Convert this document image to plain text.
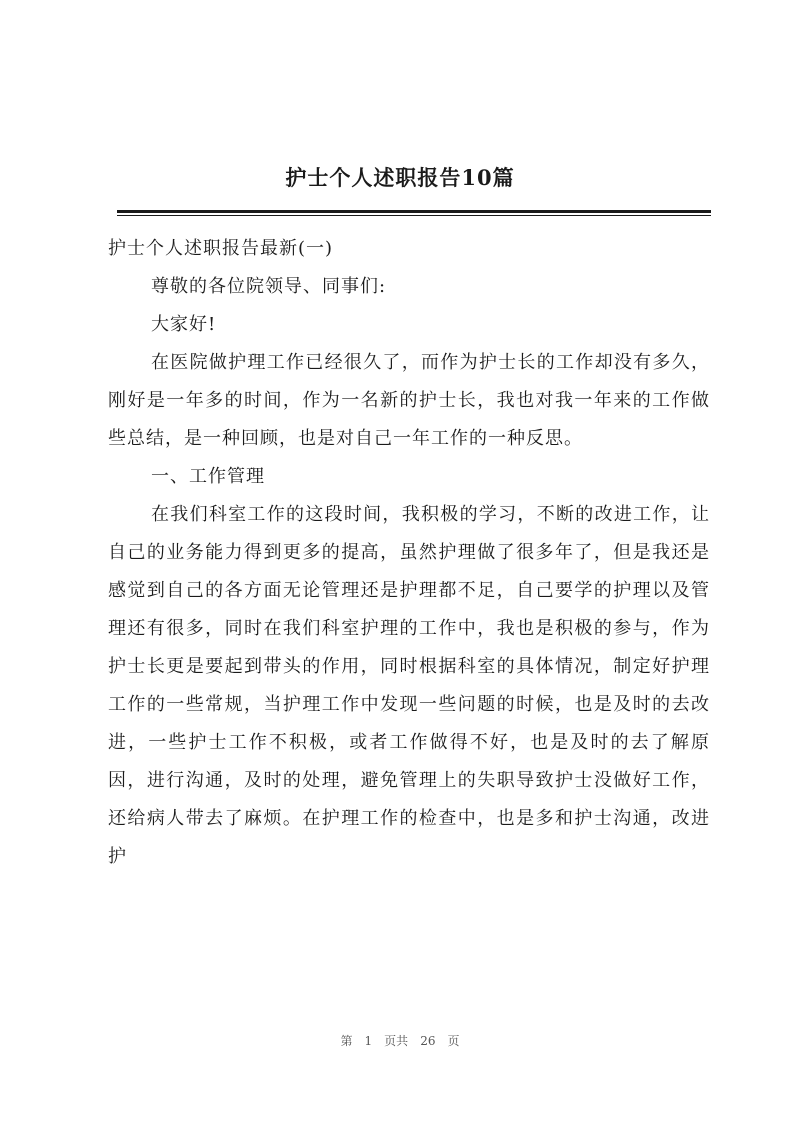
护士个人述职报告10篇

护士个人述职报告最新(一)

尊敬的各位院领导、同事们:

大家好!

在医院做护理工作已经很久了，而作为护士长的工作却没有多久，刚好是一年多的时间，作为一名新的护士长，我也对我一年来的工作做些总结，是一种回顾，也是对自己一年工作的一种反思。

一、工作管理

在我们科室工作的这段时间，我积极的学习，不断的改进工作，让自己的业务能力得到更多的提高，虽然护理做了很多年了，但是我还是感觉到自己的各方面无论管理还是护理都不足，自己要学的护理以及管理还有很多，同时在我们科室护理的工作中，我也是积极的参与，作为护士长更是要起到带头的作用，同时根据科室的具体情况，制定好护理工作的一些常规，当护理工作中发现一些问题的时候，也是及时的去改进，一些护士工作不积极，或者工作做得不好，也是及时的去了解原因，进行沟通，及时的处理，避免管理上的失职导致护士没做好工作，还给病人带去了麻烦。在护理工作的检查中，也是多和护士沟通，改进护

第 1 页共 26 页
